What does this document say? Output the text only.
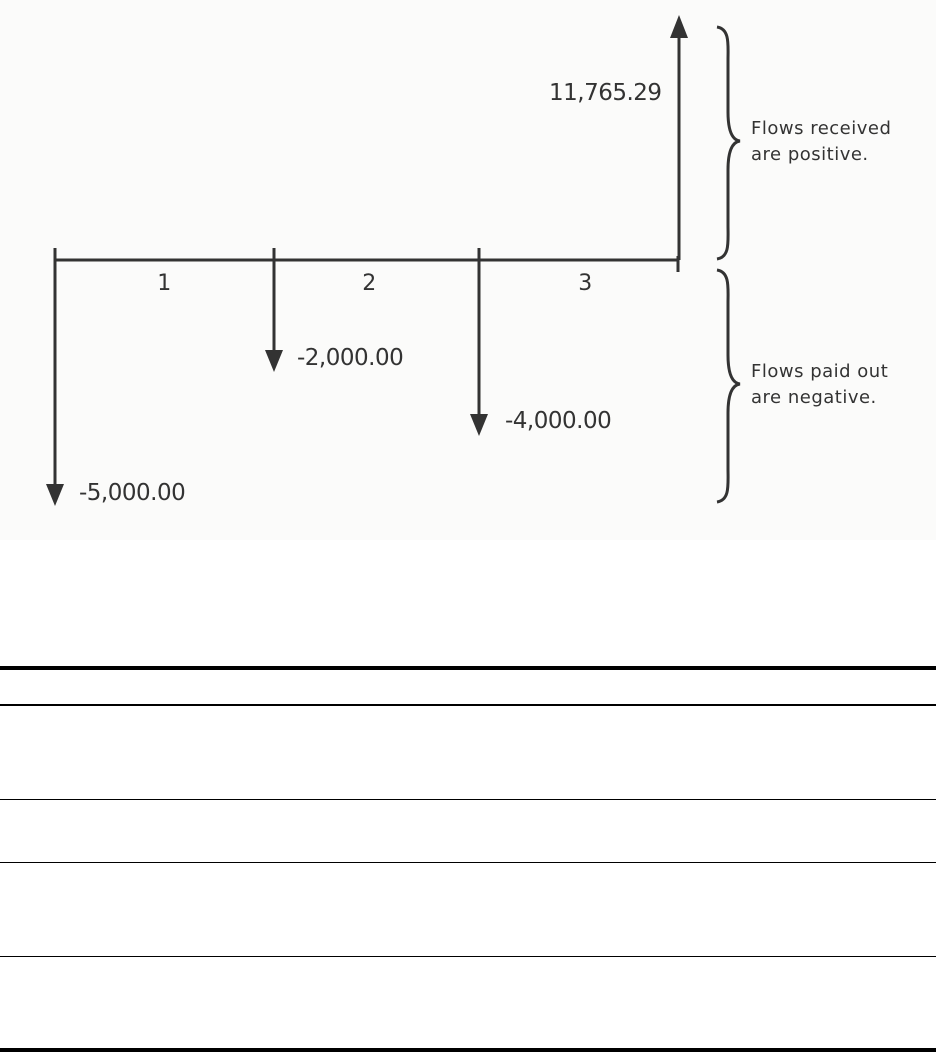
1	2	3
-5,000.00
-2,000.00
-4,000.00
11,765.29
Flows received
are positive.
Flows paid out
are negative.
